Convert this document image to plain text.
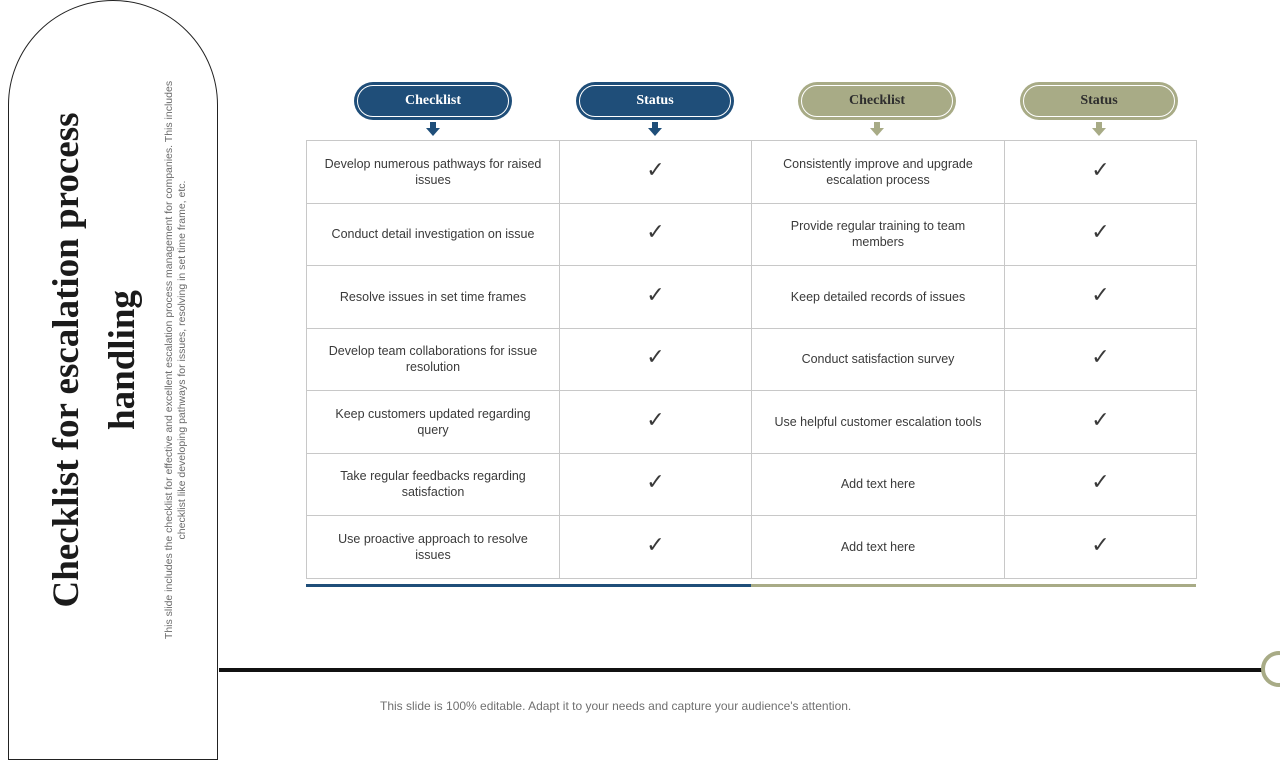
Checklist for escalation process handling	This slide includes the checklist for effective and excellent escalation process management for companies. This includes checklist like developing pathways for issues, resolving in set time frame, etc.
Checklist	Status	Checklist	Status
Develop numerous pathways for raised issues	✓	Consistently improve and upgrade escalation process	✓
Conduct detail investigation on issue	✓	Provide regular training to team members	✓
Resolve issues in set time frames	✓	Keep detailed records of issues	✓
Develop team collaborations for issue resolution	✓	Conduct satisfaction survey	✓
Keep customers updated regarding query	✓	Use helpful customer escalation tools	✓
Take regular feedbacks regarding satisfaction	✓	Add text here	✓
Use proactive approach to resolve issues	✓	Add text here	✓
This slide is 100% editable. Adapt it to your needs and capture your audience's attention.
